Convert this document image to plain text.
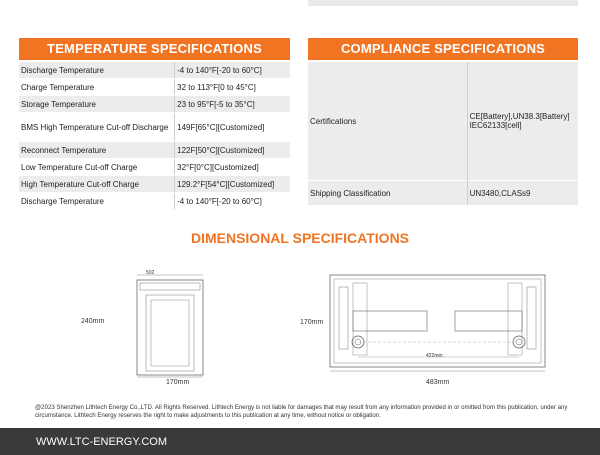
TEMPERATURE SPECIFICATIONS
Discharge Temperature	-4 to 140°F[-20 to 60°C]
Charge Temperature	32 to 113°F[0 to 45°C]
Storage Temperature	23 to 95°F[-5 to 35°C]
BMS High Temperature Cut-off Discharge	149F[65°C][Customized]
Reconnect Temperature	122F[50°C][Customized]
Low Temperature Cut-off Charge	32°F[0°C][Customized]
High Temperature Cut-off Charge	129.2°F[54°C][Customized]
Discharge Temperature	-4 to 140°F[-20 to 60°C]
COMPLIANCE SPECIFICATIONS
Certifications	CE[Battery],UN38.3[Battery]
IEC62133[cell]
Shipping Classification	UN3480,CLASs9
DIMENSIONAL SPECIFICATIONS
502
240mm
170mm
170mm
422mm
483mm
@2023 Shenzhen Lithtech Energy Co.,LTD. All Rights Reserved. Lithtech Energy is not liable for damages that may result from any information provided in or omitted from this publication, under any circumstance. Lithtech Energy reserves the right to make adjustments to this publication at any time, without notice or obligation.
WWW.LTC-ENERGY.COM
